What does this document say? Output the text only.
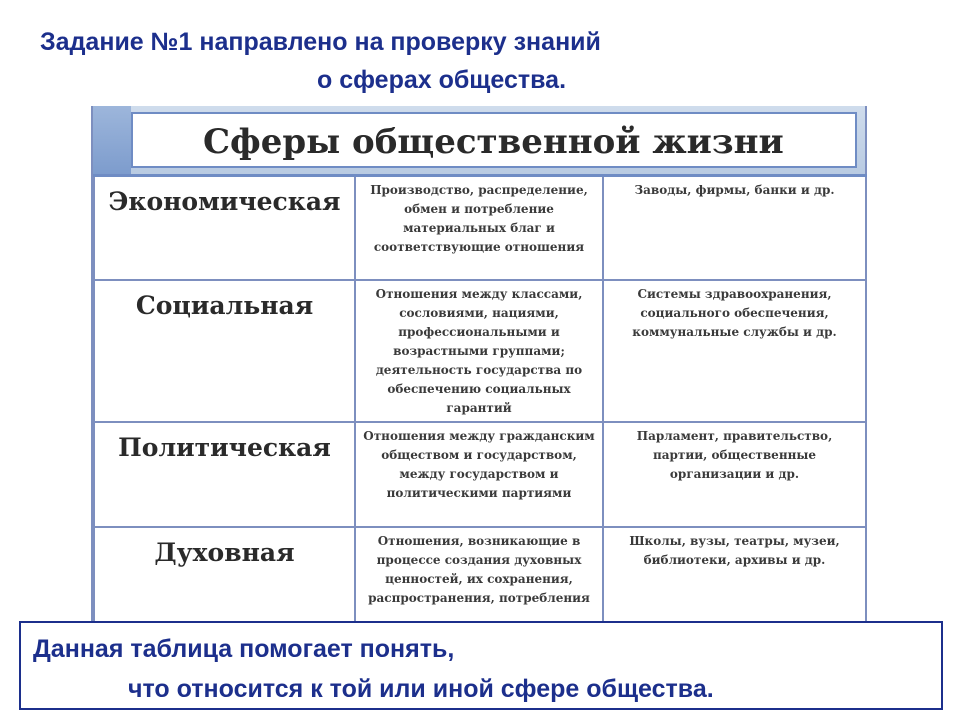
Задание №1 направлено на проверку знаний
о сферах общества.
Сферы общественной жизни
Экономическая	Производство, распределение, обмен и потребление материальных благ и соответствующие отношения	Заводы, фирмы, банки и др.

Социальная	Отношения между классами, сословиями, нациями, профессиональными и возрастными группами; деятельность государства по обеспечению социальных гарантий	Системы здравоохранения, социального обеспечения, коммунальные службы и др.

Политическая	Отношения между гражданским обществом и государством, между государством и политическими партиями	Парламент, правительство, партии, общественные организации и др.

Духовная	Отношения, возникающие в процессе создания духовных ценностей, их сохранения, распространения, потребления	Школы, вузы, театры, музеи, библиотеки, архивы и др.
Данная таблица помогает понять,
что относится к той или иной сфере общества.
